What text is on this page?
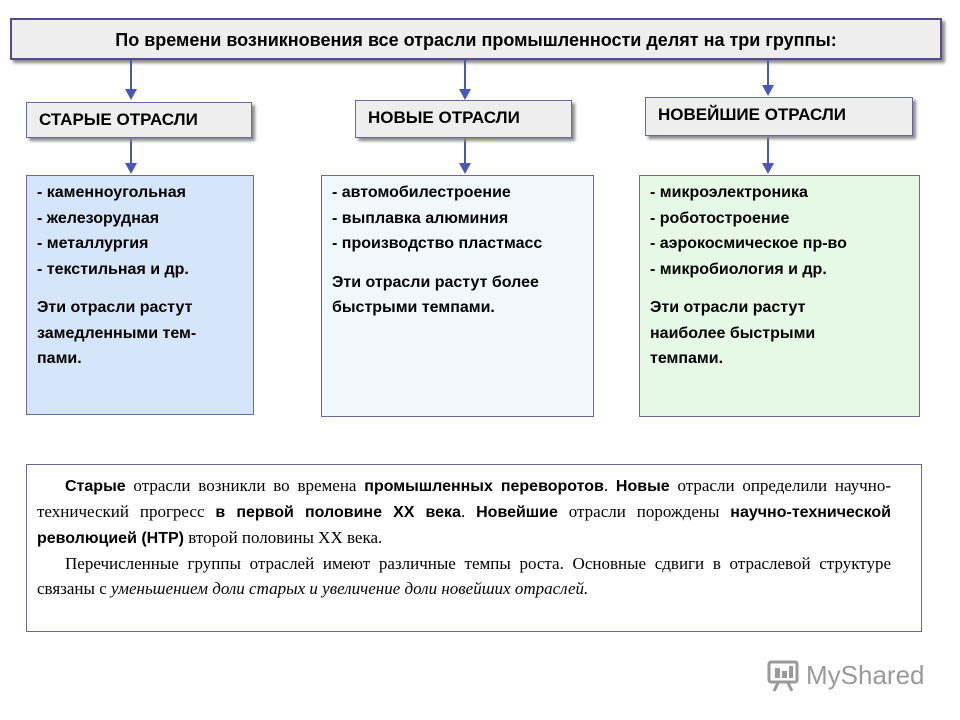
По времени возникновения все отрасли промышленности делят на три группы:
СТАРЫЕ ОТРАСЛИ	НОВЫЕ ОТРАСЛИ	НОВЕЙШИЕ ОТРАСЛИ
- каменноугольная
- железорудная
- металлургия
- текстильная и др.
Эти отрасли растут
замедленными тем-
пами.
- автомобилестроение
- выплавка алюминия
- производство пластмасс
Эти отрасли растут более
быстрыми темпами.
- микроэлектроника
- роботостроение
- аэрокосмическое пр-во
- микробиология и др.
Эти отрасли растут
наиболее быстрыми
темпами.

Старые отрасли возникли во времена промышленных переворотов. Новые отрасли определили научно-технический прогресс в первой половине ХХ века. Новейшие отрасли порождены научно-технической революцией (НТР) второй половины ХХ века.

Перечисленные группы отраслей имеют различные темпы роста. Основные сдвиги в отраслевой структуре связаны с уменьшением доли старых и увеличение доли новейших отраслей.

MyShared
